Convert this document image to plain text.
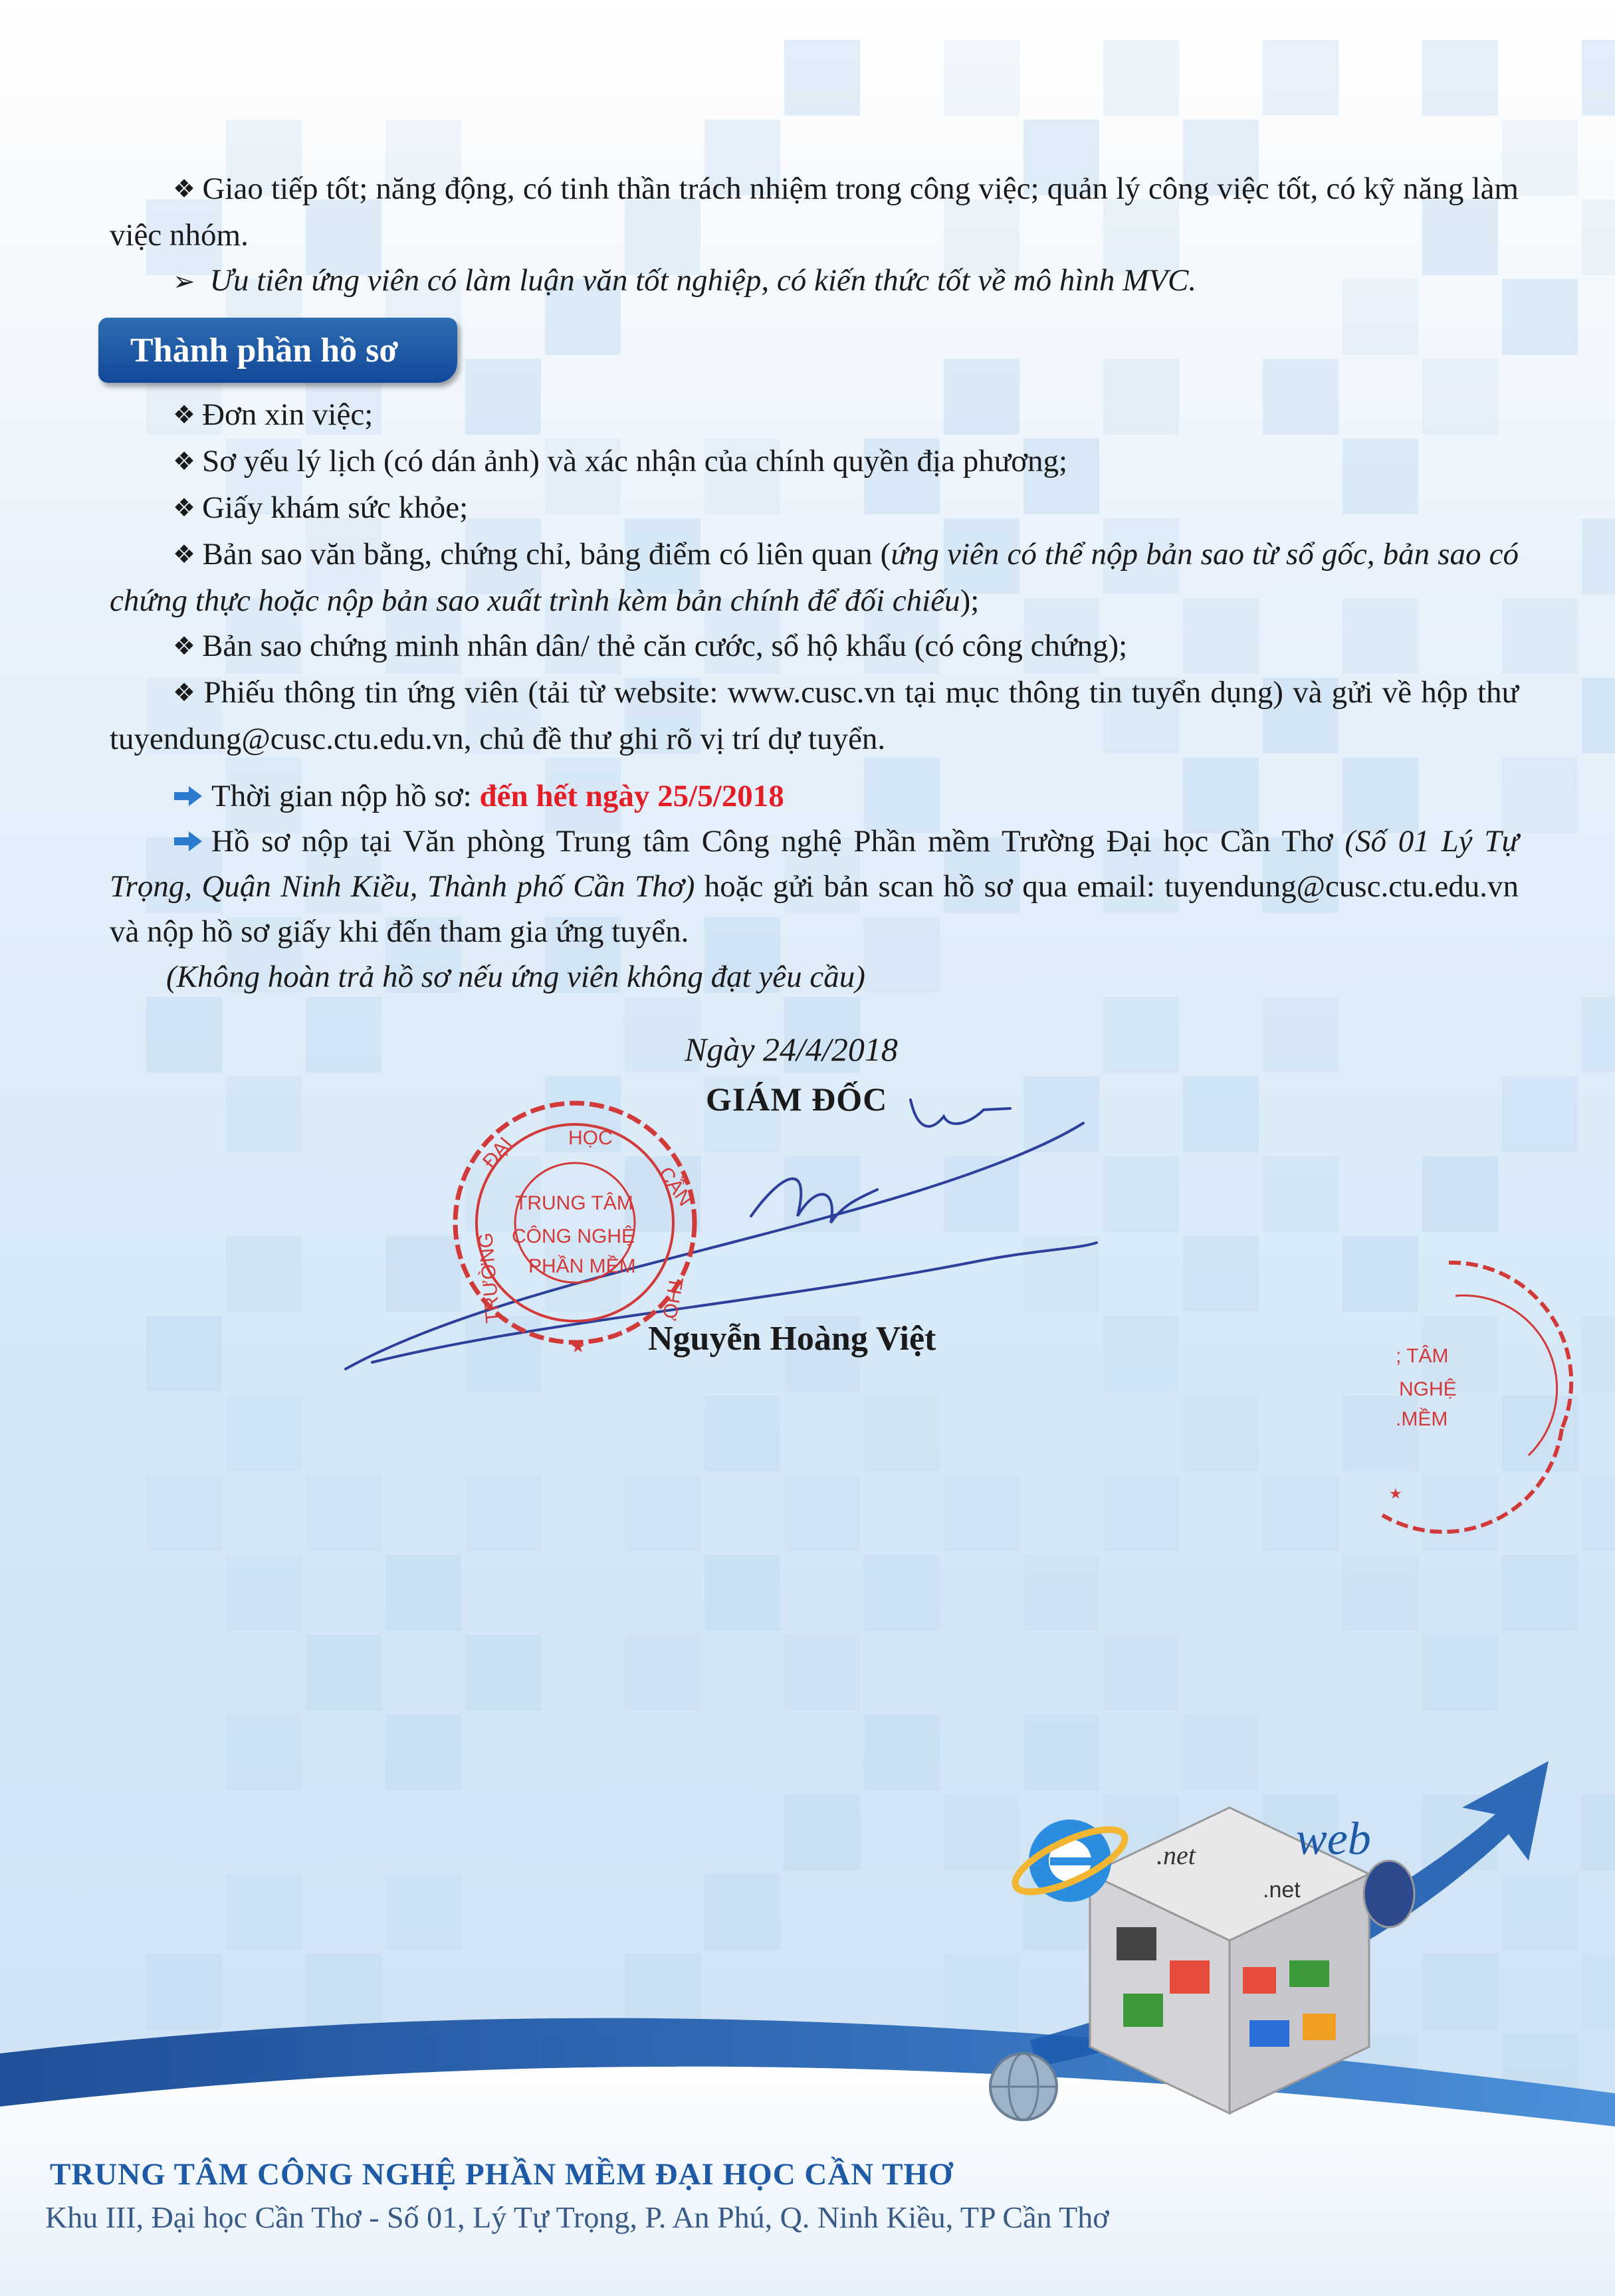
.net
.net
web

❖ Giao tiếp tốt; năng động, có tinh thần trách nhiệm trong công việc; quản lý công việc tốt, có kỹ năng làm việc nhóm.

➢ Ưu tiên ứng viên có làm luận văn tốt nghiệp, có kiến thức tốt về mô hình MVC.

Thành phần hồ sơ

❖ Đơn xin việc;

❖ Sơ yếu lý lịch (có dán ảnh) và xác nhận của chính quyền địa phương;

❖ Giấy khám sức khỏe;

❖ Bản sao văn bằng, chứng chỉ, bảng điểm có liên quan (ứng viên có thể nộp bản sao từ sổ gốc, bản sao có chứng thực hoặc nộp bản sao xuất trình kèm bản chính để đối chiếu);

❖ Bản sao chứng minh nhân dân/ thẻ căn cước, sổ hộ khẩu (có công chứng);

❖ Phiếu thông tin ứng viên (tải từ website: www.cusc.vn tại mục thông tin tuyển dụng) và gửi về hộp thư tuyendung@cusc.ctu.edu.vn, chủ đề thư ghi rõ vị trí dự tuyển.

Thời gian nộp hồ sơ: đến hết ngày 25/5/2018

Hồ sơ nộp tại Văn phòng Trung tâm Công nghệ Phần mềm Trường Đại học Cần Thơ (Số 01 Lý Tự Trọng, Quận Ninh Kiều, Thành phố Cần Thơ) hoặc gửi bản scan hồ sơ qua email: tuyendung@cusc.ctu.edu.vn và nộp hồ sơ giấy khi đến tham gia ứng tuyển.

(Không hoàn trả hồ sơ nếu ứng viên không đạt yêu cầu)

Ngày 24/4/2018
GIÁM ĐỐC
Nguyễn Hoàng Việt
HỌC
ĐẠI
CẦN
TRƯỜNG	THƠ
TRUNG TÂM
CÔNG NGHỆ
PHẦN MỀM
★	; TÂM
NGHỆ
.MỀM
★
TRUNG TÂM CÔNG NGHỆ PHẦN MỀM ĐẠI HỌC CẦN THƠ
Khu III, Đại học Cần Thơ - Số 01, Lý Tự Trọng, P. An Phú, Q. Ninh Kiều, TP Cần Thơ
